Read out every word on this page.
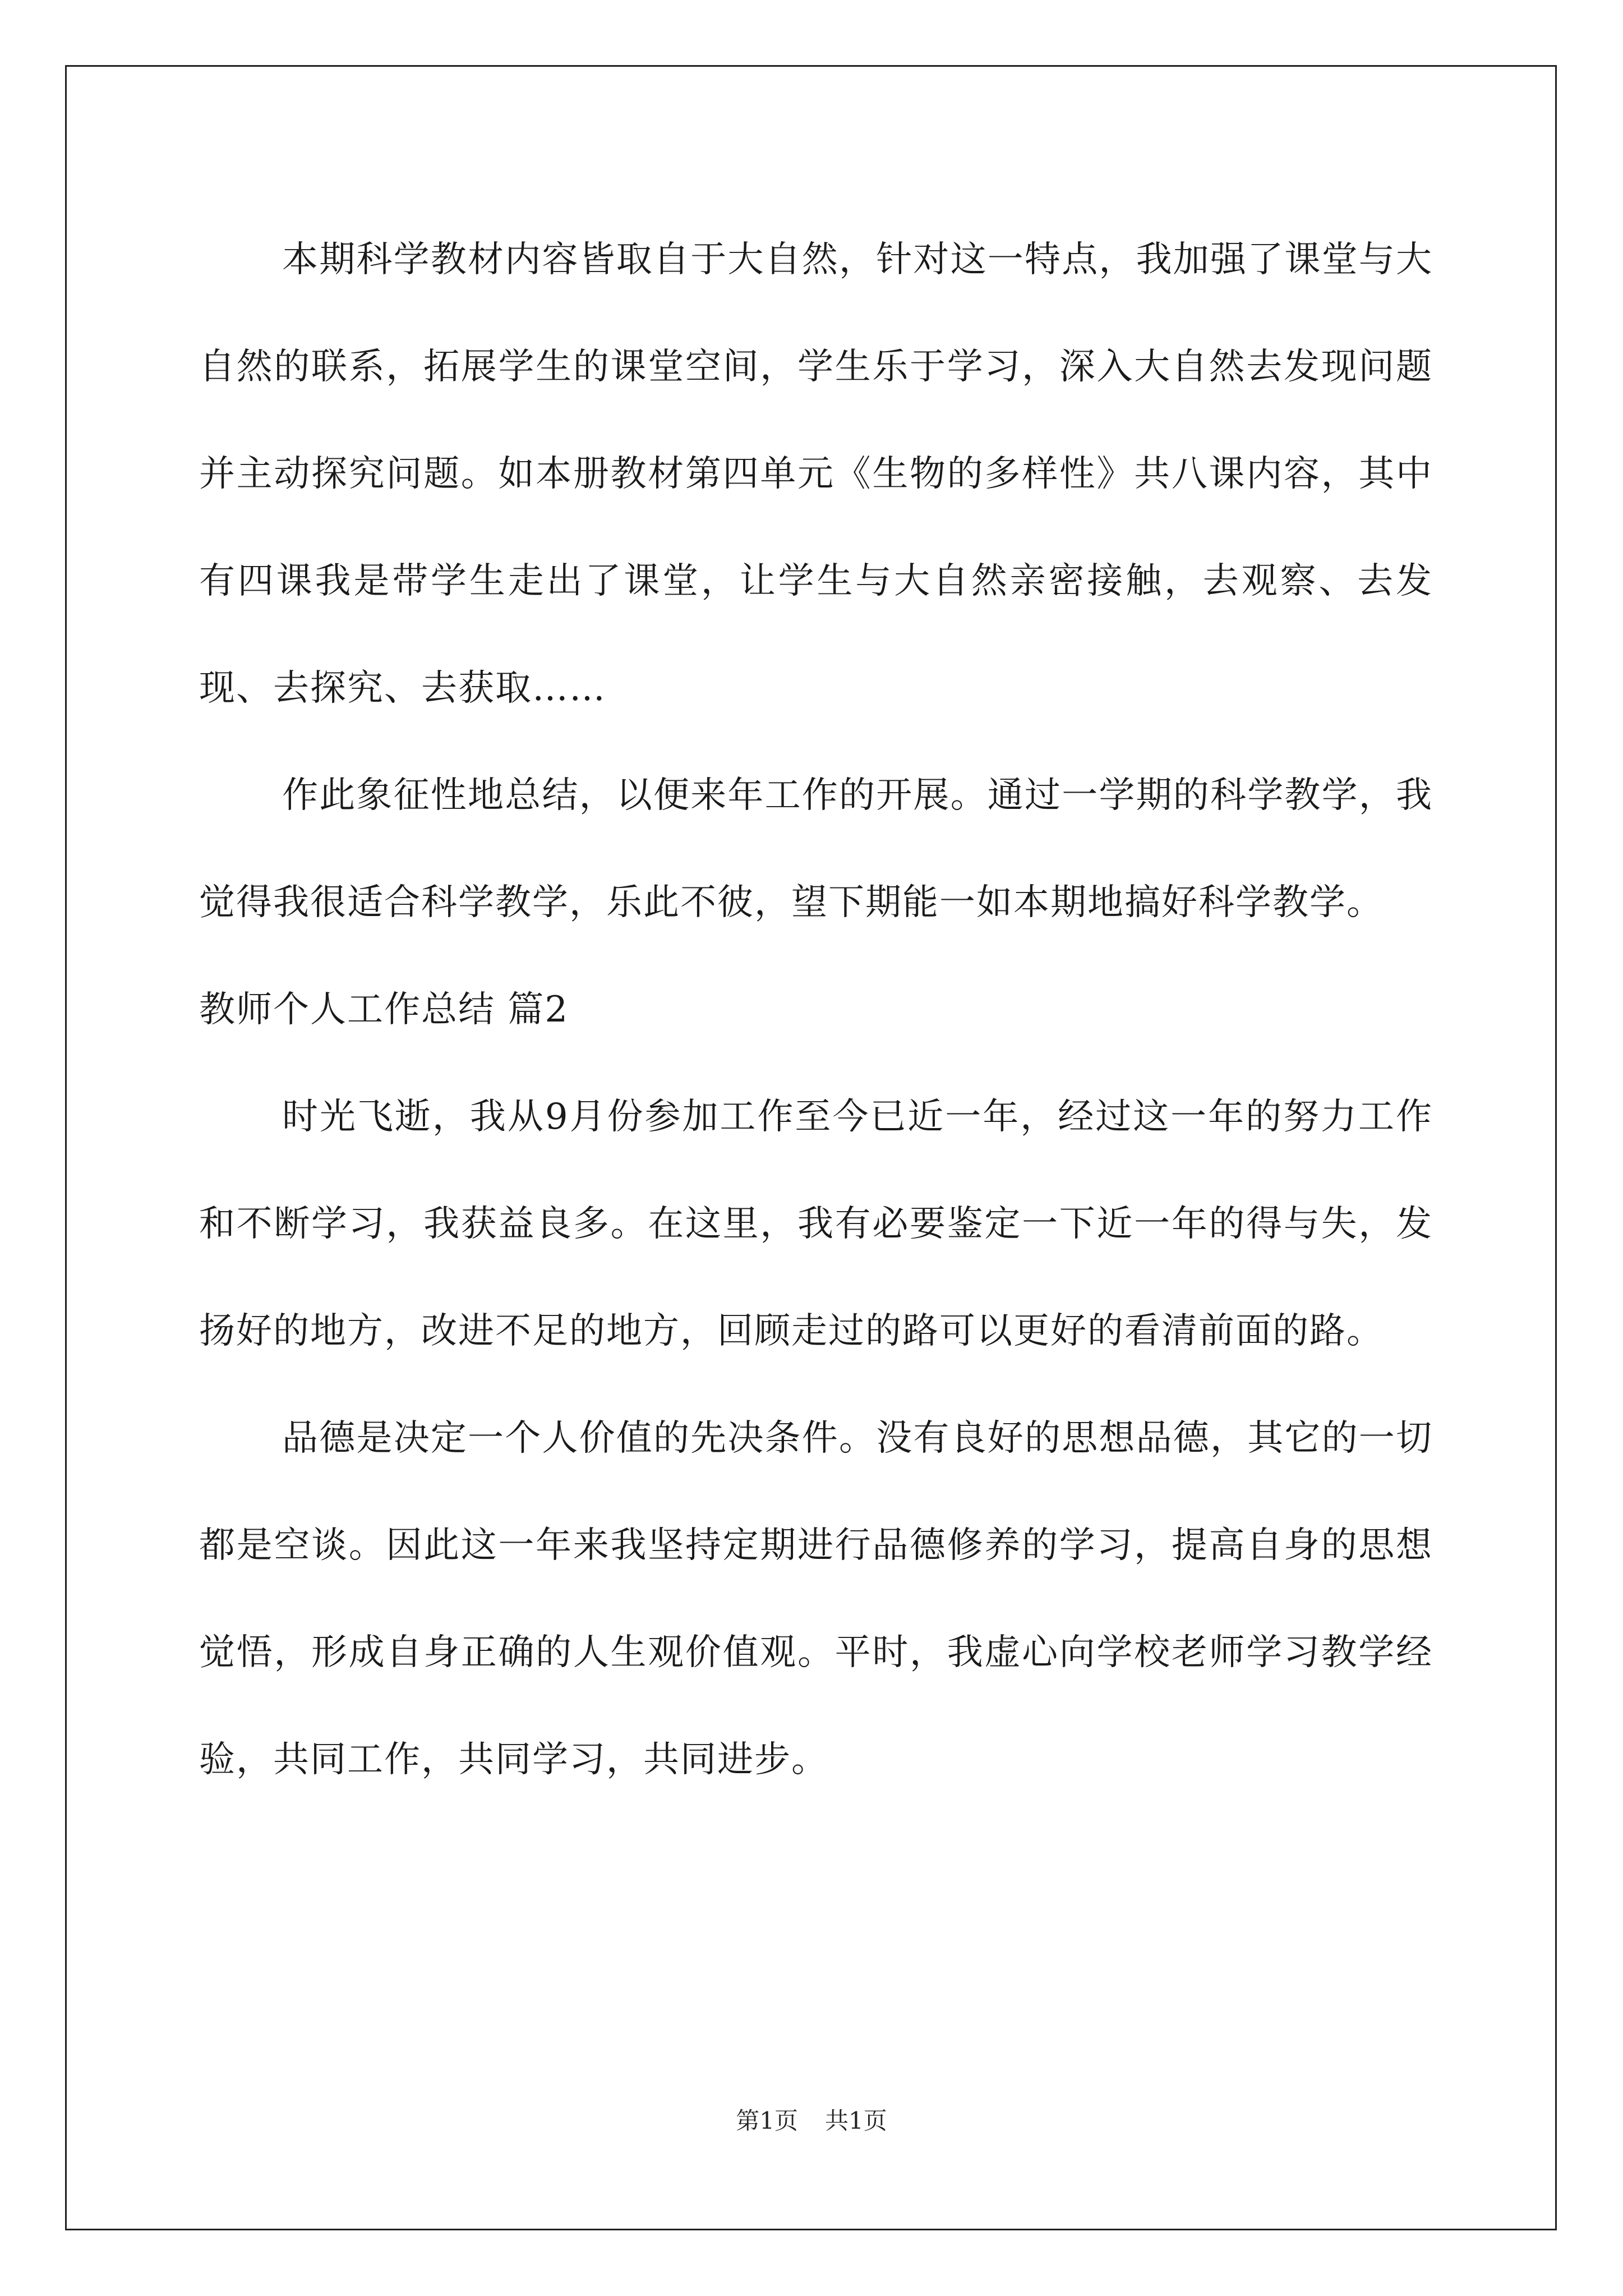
本期科学教材内容皆取自于大自然，针对这一特点，我加强了课堂与大自然的联系，拓展学生的课堂空间，学生乐于学习，深入大自然去发现问题并主动探究问题。如本册教材第四单元《生物的多样性》共八课内容，其中有四课我是带学生走出了课堂，让学生与大自然亲密接触，去观察、去发现、去探究、去获取……

作此象征性地总结，以便来年工作的开展。通过一学期的科学教学，我觉得我很适合科学教学，乐此不彼，望下期能一如本期地搞好科学教学。

教师个人工作总结 篇2

时光飞逝，我从9月份参加工作至今已近一年，经过这一年的努力工作和不断学习，我获益良多。在这里，我有必要鉴定一下近一年的得与失，发扬好的地方，改进不足的地方，回顾走过的路可以更好的看清前面的路。

品德是决定一个人价值的先决条件。没有良好的思想品德，其它的一切都是空谈。因此这一年来我坚持定期进行品德修养的学习，提高自身的思想觉悟，形成自身正确的人生观价值观。平时，我虚心向学校老师学习教学经验，共同工作，共同学习，共同进步。

第1页 共1页
